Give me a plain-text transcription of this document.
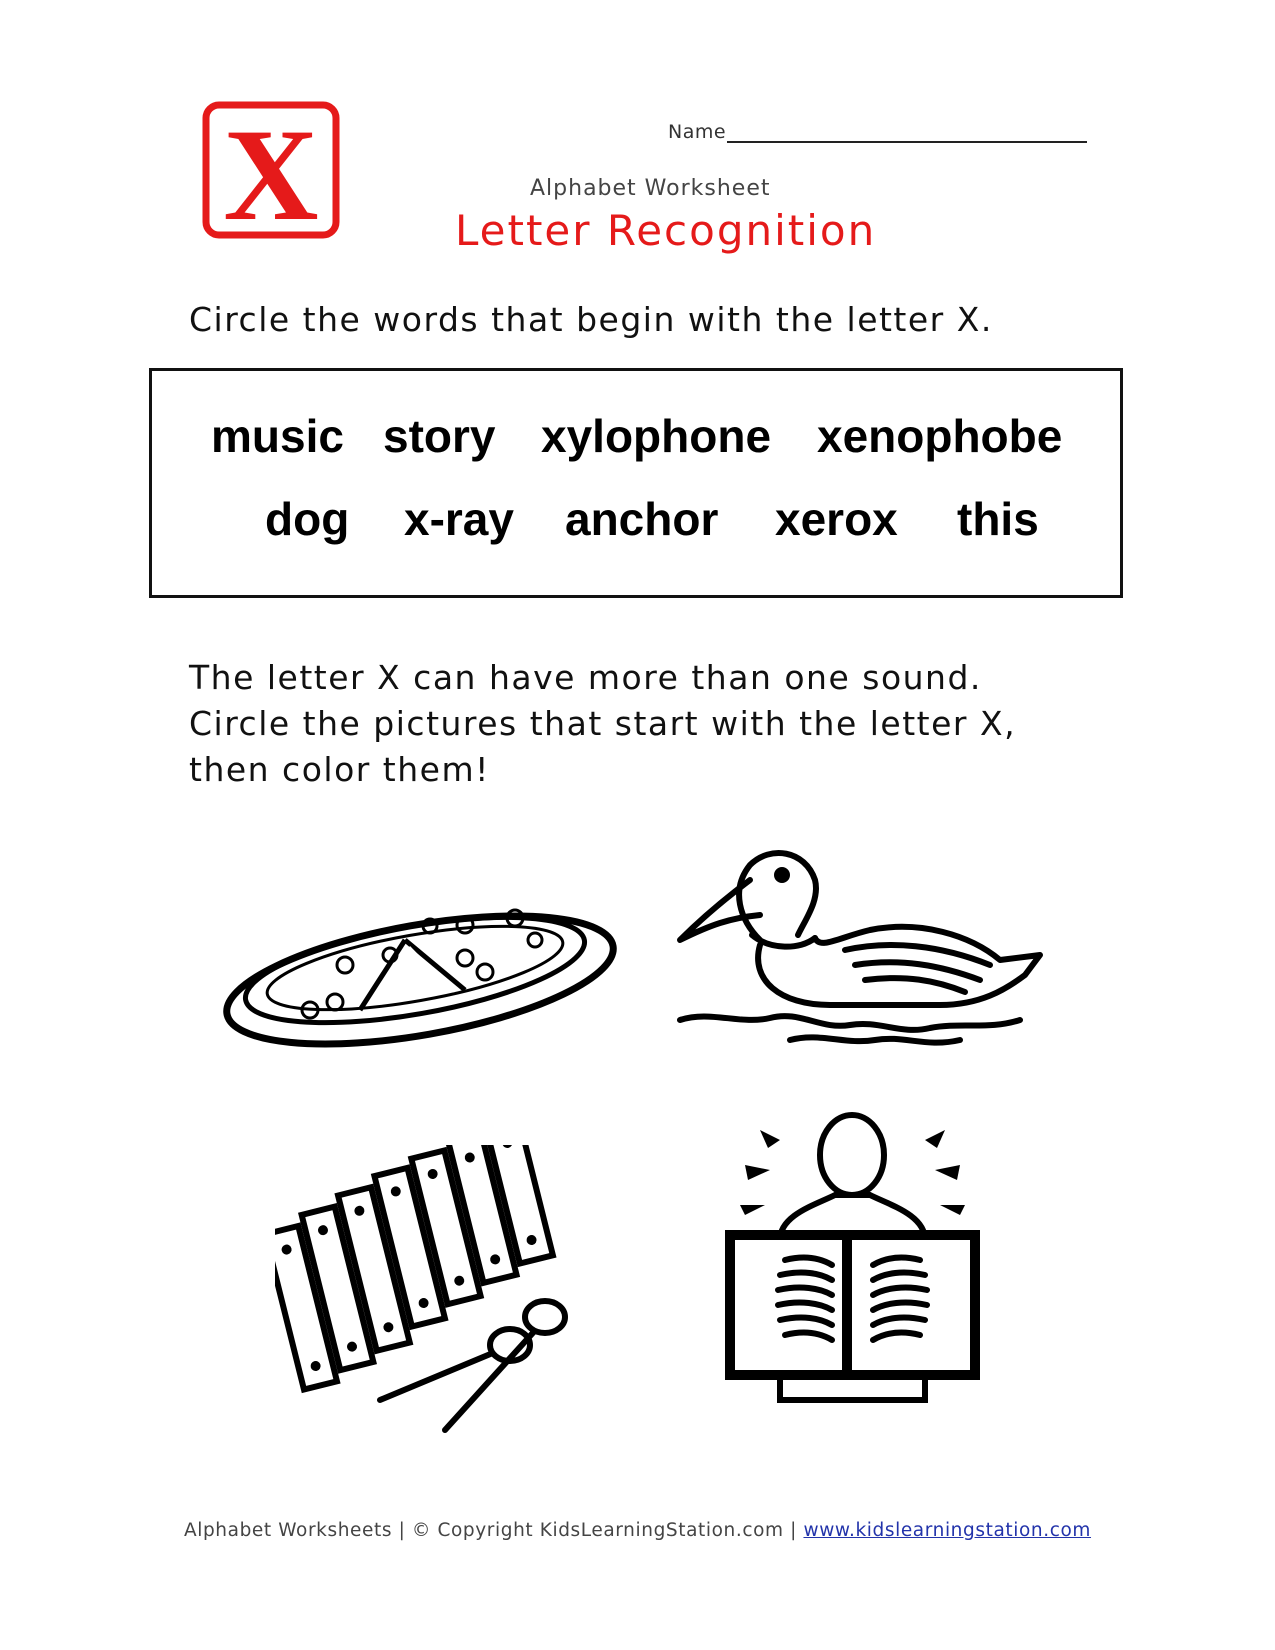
X	Name
Alphabet Worksheet
Letter Recognition
Circle the words that begin with the letter X.
music story xylophone xenophobe
dog x-ray anchor xerox this
The letter X can have more than one sound. Circle the pictures that start with the letter X, then color them!
Alphabet Worksheets | © Copyright KidsLearningStation.com | www.kidslearningstation.com
